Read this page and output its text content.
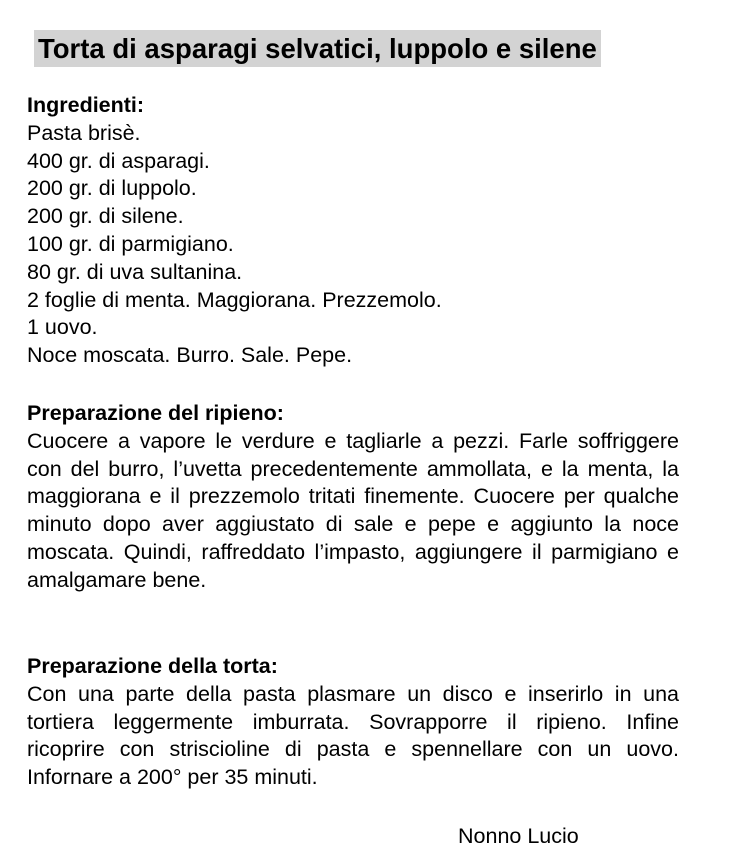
Torta di asparagi selvatici, luppolo e silene

Ingredienti:

Pasta brisè.

400 gr. di asparagi.

200 gr. di luppolo.

200 gr. di silene.

100 gr. di parmigiano.

80 gr. di uva sultanina.

2 foglie di menta. Maggiorana. Prezzemolo.

1 uovo.

Noce moscata. Burro. Sale. Pepe.

Preparazione del ripieno:

Cuocere a vapore le verdure e tagliarle a pezzi. Farle soffriggere con del burro, l’uvetta precedentemente ammollata, e la menta, la maggiorana e il prezzemolo tritati finemente. Cuocere per qualche minuto dopo aver aggiustato di sale e pepe e aggiunto la noce moscata. Quindi, raffreddato l’impasto, aggiungere il parmigiano e amalgamare bene.

Preparazione della torta:

Con una parte della pasta plasmare un disco e inserirlo in una tortiera leggermente imburrata. Sovrapporre il ripieno. Infine ricoprire con striscioline di pasta e spennellare con un uovo. Infornare a 200° per 35 minuti.

Nonno Lucio
